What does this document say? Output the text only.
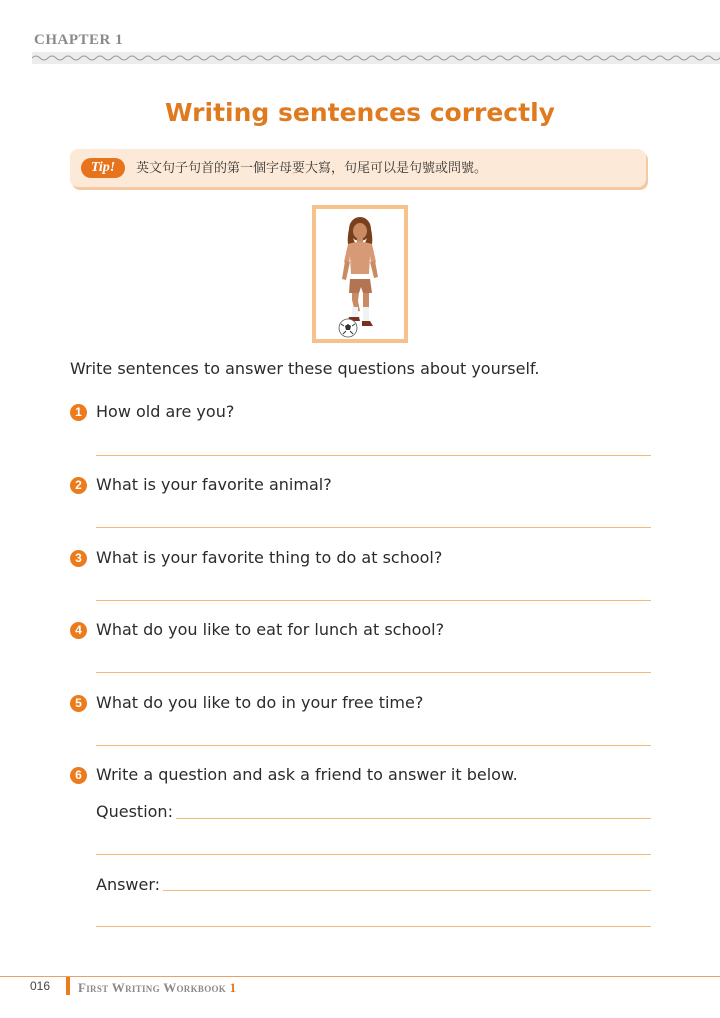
CHAPTER 1
Writing sentences correctly
Tip!	英文句子句首的第一個字母要大寫，句尾可以是句號或問號。
Write sentences to answer these questions about yourself.
1 How old are you?
2 What is your favorite animal?
3 What is your favorite thing to do at school?
4 What do you like to eat for lunch at school?
5 What do you like to do in your free time?
6 Write a question and ask a friend to answer it below.
Question:
Answer:
016 First Writing Workbook 1
